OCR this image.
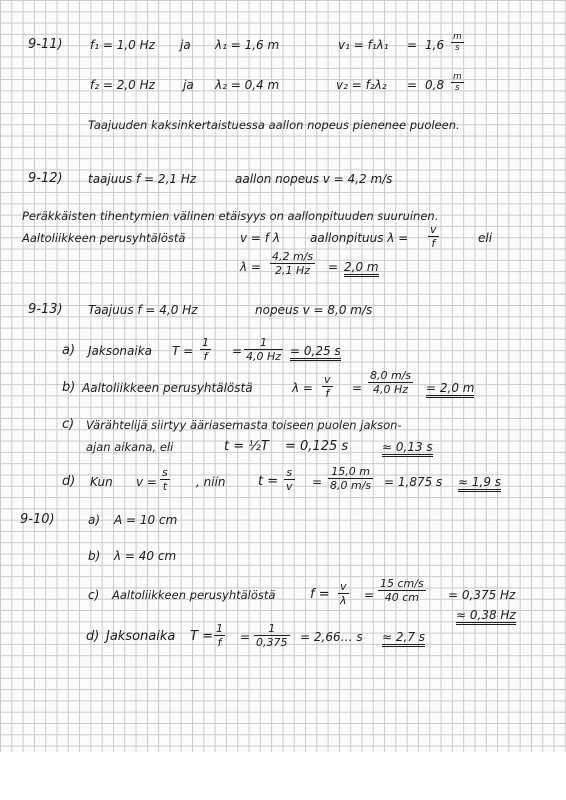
9-11) f₁ = 1,0 Hz ja λ₁ = 1,6 m	v₁ = f₁λ₁ = 1,6
m
s
f₂ = 2,0 Hz ja λ₂ = 0,4 m	v₂ = f₂λ₂ = 0,8
m
s
Taajuuden kaksinkertaistuessa aallon nopeus pienenee puoleen.
9-12) taajuus f = 2,1 Hz	aallon nopeus v = 4,2 m/s
Peräkkäisten tihentymien välinen etäisyys on aallonpituuden suuruinen.
Aaltoliikkeen perusyhtälöstä	v = f λ	aallonpituus λ =
v
f	eli
λ =
4,2 m/s
2,1 Hz = 2,0 m
9-13) Taajuus f = 4,0 Hz	nopeus v = 8,0 m/s
a) Jaksonaika T =
1
f =
1
4,0 Hz = 0,25 s
b) Aaltoliikkeen perusyhtälöstä	λ =
v
f =
8,0 m/s
4,0 Hz = 2,0 m
c) Värähtelijä siirtyy ääriasemasta toiseen puolen jakson-
ajan aikana, eli	t = ½T = 0,125 s	≈ 0,13 s
d) Kun v =
s
t , niin t =
s
v =
15,0 m
8,0 m/s = 1,875 s ≈ 1,9 s
9-10)	a) A = 10 cm
b) λ = 40 cm
c) Aaltoliikkeen perusyhtälöstä	f =
v
λ =
15 cm/s
40 cm = 0,375 Hz
≈ 0,38 Hz
d) Jaksonaika T =
1
f =
1
0,375 = 2,66… s ≈ 2,7 s
